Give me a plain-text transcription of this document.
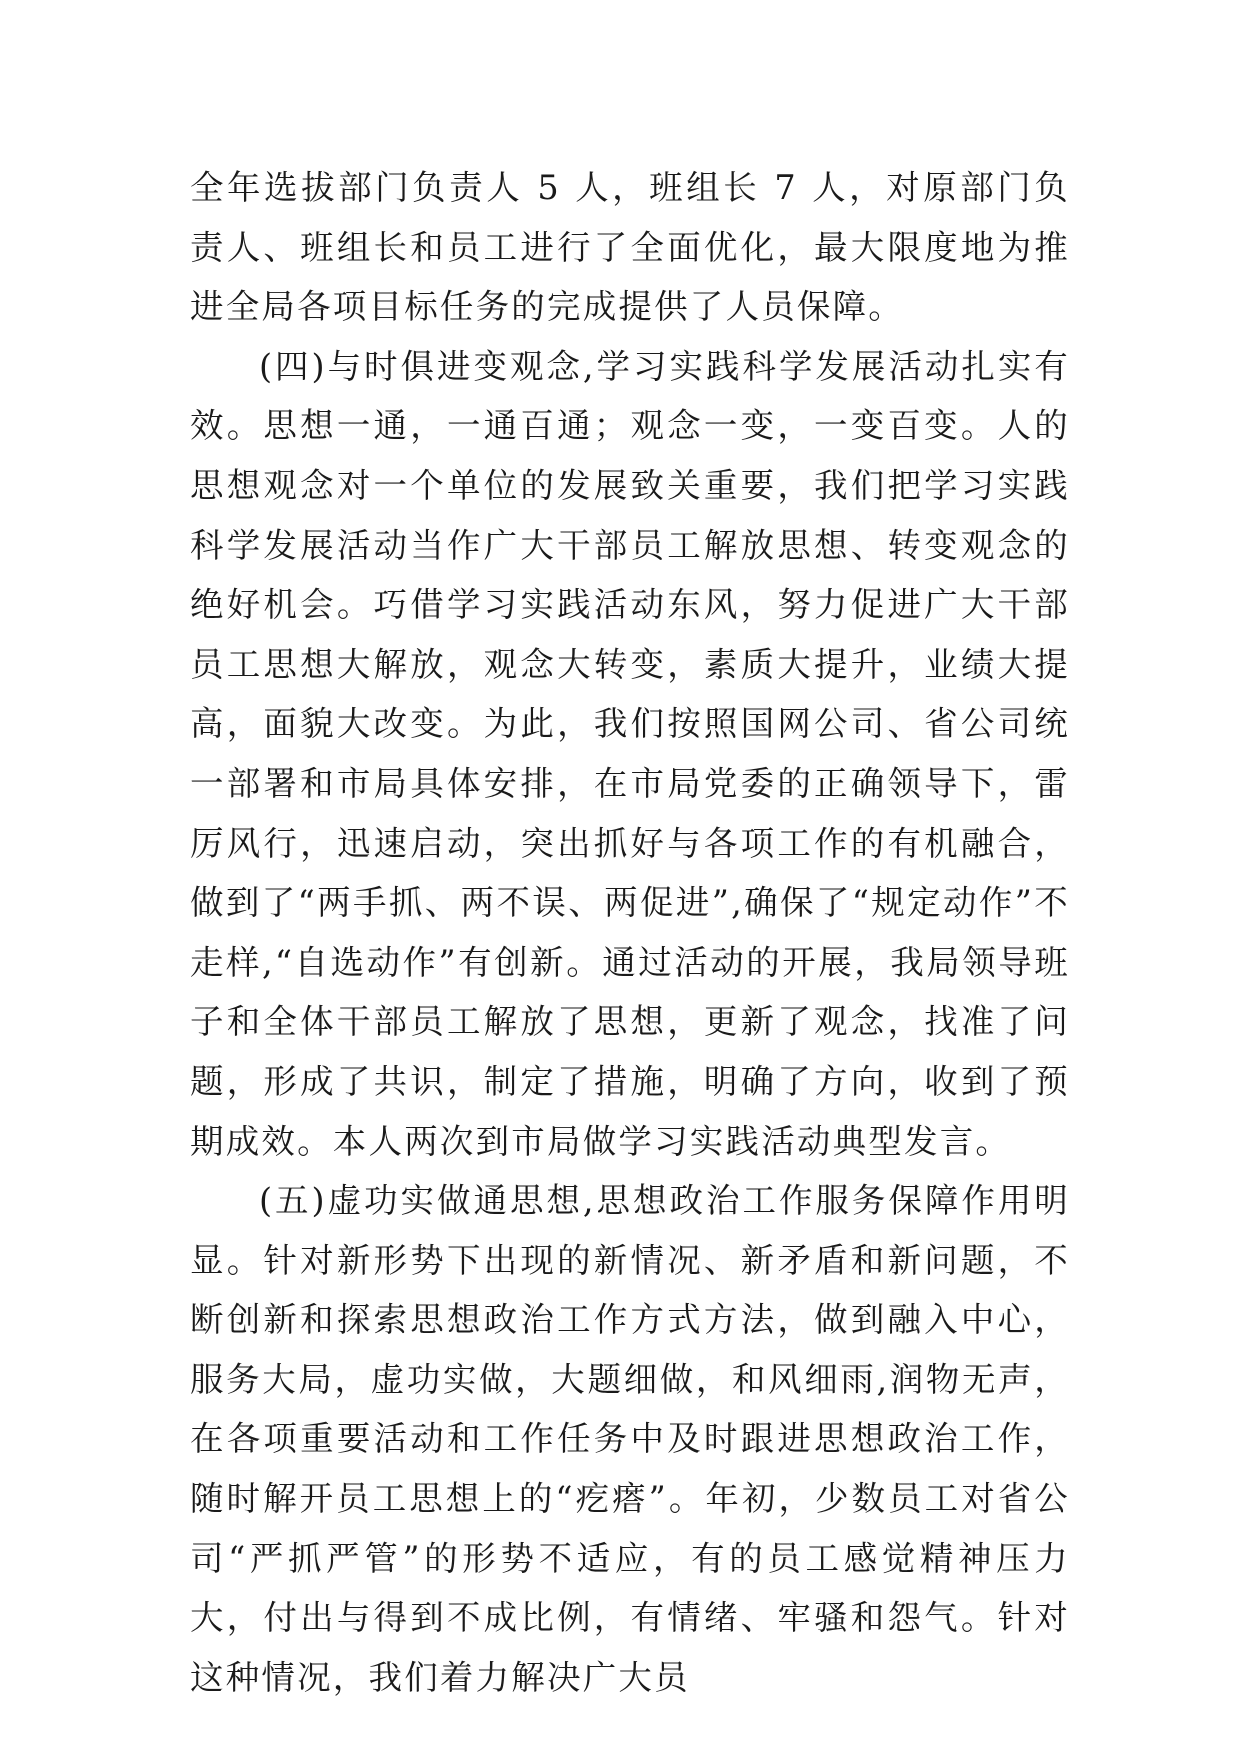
全年选拔部门负责人 5 人，班组长 7 人，对原部门负责人、班组长和员工进行了全面优化，最大限度地为推进全局各项目标任务的完成提供了人员保障。

(四)与时俱进变观念,学习实践科学发展活动扎实有效。思想一通，一通百通；观念一变，一变百变。人的思想观念对一个单位的发展致关重要，我们把学习实践科学发展活动当作广大干部员工解放思想、转变观念的绝好机会。巧借学习实践活动东风，努力促进广大干部员工思想大解放，观念大转变，素质大提升，业绩大提高，面貌大改变。为此，我们按照国网公司、省公司统一部署和市局具体安排，在市局党委的正确领导下，雷厉风行，迅速启动，突出抓好与各项工作的有机融合，做到了“两手抓、两不误、两促进”,确保了“规定动作”不走样,“自选动作”有创新。通过活动的开展，我局领导班子和全体干部员工解放了思想，更新了观念，找准了问题，形成了共识，制定了措施，明确了方向，收到了预期成效。本人两次到市局做学习实践活动典型发言。

(五)虚功实做通思想,思想政治工作服务保障作用明显。针对新形势下出现的新情况、新矛盾和新问题，不断创新和探索思想政治工作方式方法，做到融入中心，服务大局，虚功实做，大题细做，和风细雨,润物无声，在各项重要活动和工作任务中及时跟进思想政治工作，随时解开员工思想上的“疙瘩”。年初，少数员工对省公司“严抓严管”的形势不适应，有的员工感觉精神压力大，付出与得到不成比例，有情绪、牢骚和怨气。针对这种情况，我们着力解决广大员
